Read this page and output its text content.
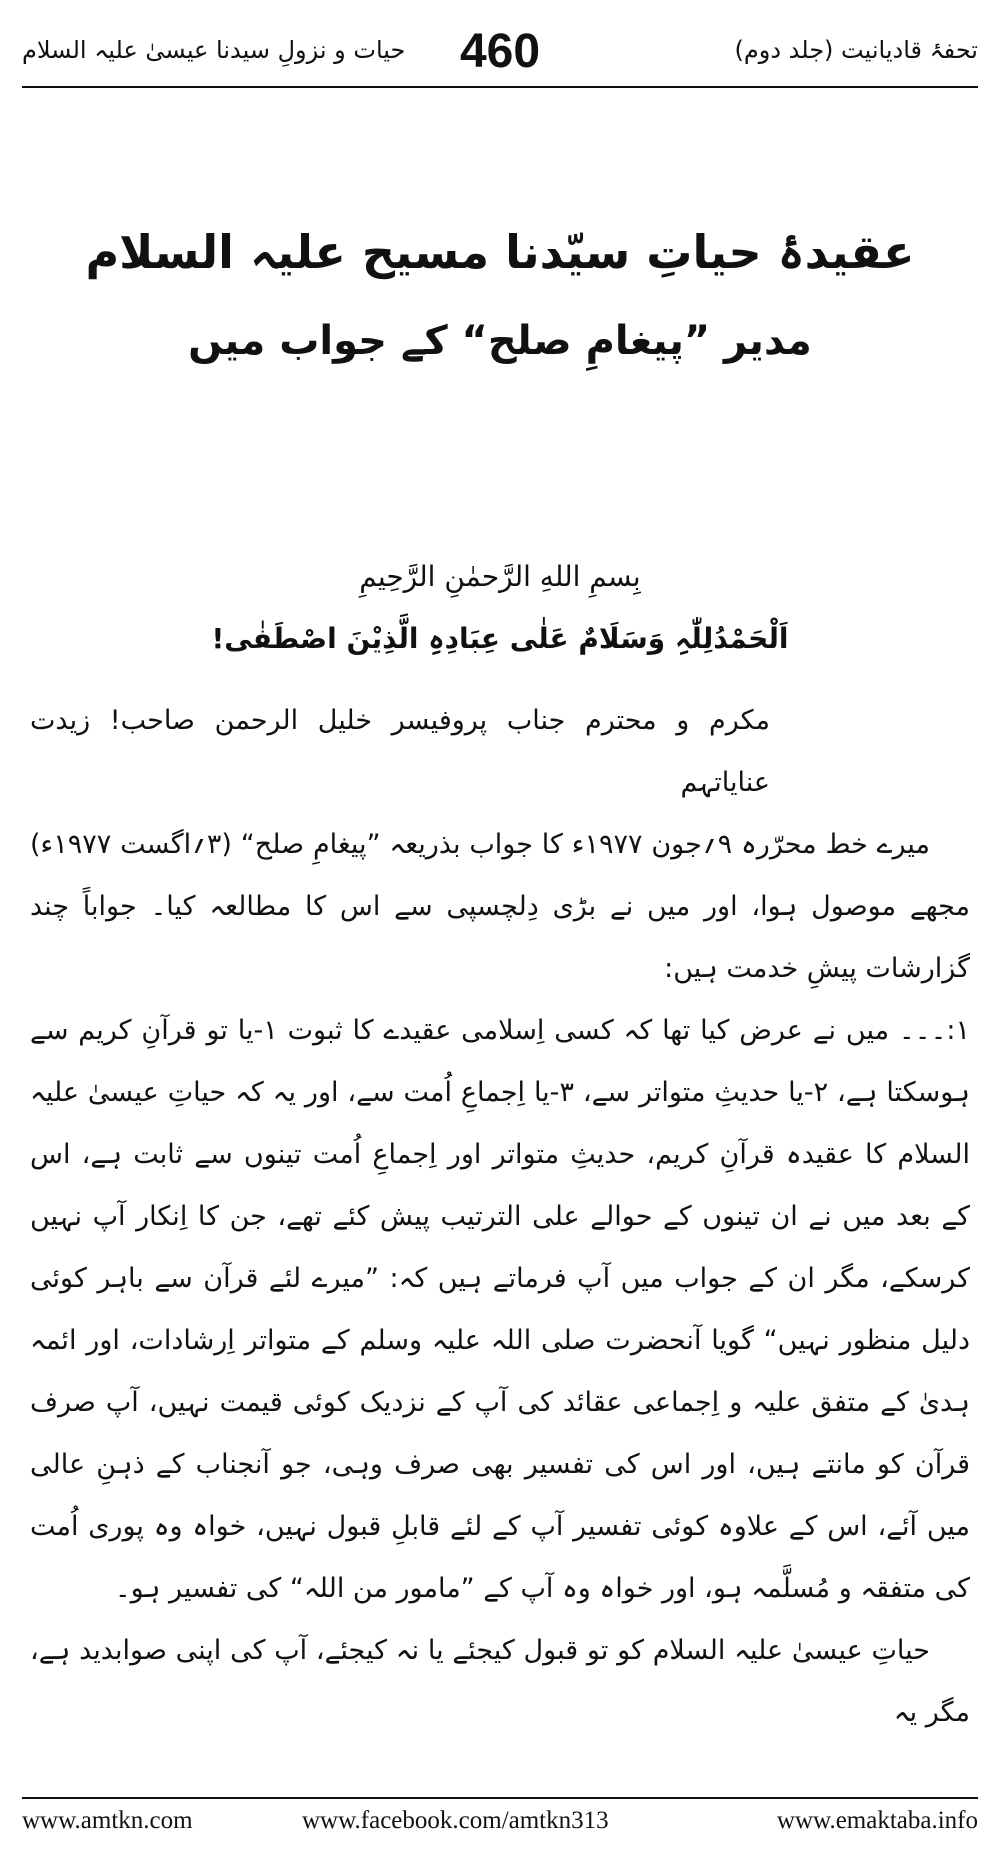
تحفۂ قادیانیت (جلد دوم)
460
حیات و نزولِ سیدنا عیسیٰ علیہ السلام
عقیدۂ حیاتِ سیّدنا مسیح علیہ السلام
مدیر ”پیغامِ صلح“ کے جواب میں
بِسمِ اللهِ الرَّحمٰنِ الرَّحِیمِ
اَلْحَمْدُلِلّٰہِ وَسَلَامٌ عَلٰی عِبَادِہِ الَّذِیْنَ اصْطَفٰی!

مکرم و محترم جناب پروفیسر خلیل الرحمن صاحب! زیدت عنایاتہم

میرے خط محرّرہ ۹؍جون ۱۹۷۷ء کا جواب بذریعہ ”پیغامِ صلح“ (۳؍اگست ۱۹۷۷ء) مجھے موصول ہوا، اور میں نے بڑی دِلچسپی سے اس کا مطالعہ کیا۔ جواباً چند گزارشات پیشِ خدمت ہیں:

۱:۔۔۔ میں نے عرض کیا تھا کہ کسی اِسلامی عقیدے کا ثبوت ۱-یا تو قرآنِ کریم سے ہوسکتا ہے، ۲-یا حدیثِ متواتر سے، ۳-یا اِجماعِ اُمت سے، اور یہ کہ حیاتِ عیسیٰ علیہ السلام کا عقیدہ قرآنِ کریم، حدیثِ متواتر اور اِجماعِ اُمت تینوں سے ثابت ہے، اس کے بعد میں نے ان تینوں کے حوالے علی الترتیب پیش کئے تھے، جن کا اِنکار آپ نہیں کرسکے، مگر ان کے جواب میں آپ فرماتے ہیں کہ: ”میرے لئے قرآن سے باہر کوئی دلیل منظور نہیں“ گویا آنحضرت صلی اللہ علیہ وسلم کے متواتر اِرشادات، اور ائمہ ہدیٰ کے متفق علیہ و اِجماعی عقائد کی آپ کے نزدیک کوئی قیمت نہیں، آپ صرف قرآن کو مانتے ہیں، اور اس کی تفسیر بھی صرف وہی، جو آنجناب کے ذہنِ عالی میں آئے، اس کے علاوہ کوئی تفسیر آپ کے لئے قابلِ قبول نہیں، خواہ وہ پوری اُمت کی متفقہ و مُسلَّمہ ہو، اور خواہ وہ آپ کے ”مامور من اللہ“ کی تفسیر ہو۔

حیاتِ عیسیٰ علیہ السلام کو تو قبول کیجئے یا نہ کیجئے، آپ کی اپنی صوابدید ہے، مگر یہ

www.amtkn.com	www.facebook.com/amtkn313	www.emaktaba.info
